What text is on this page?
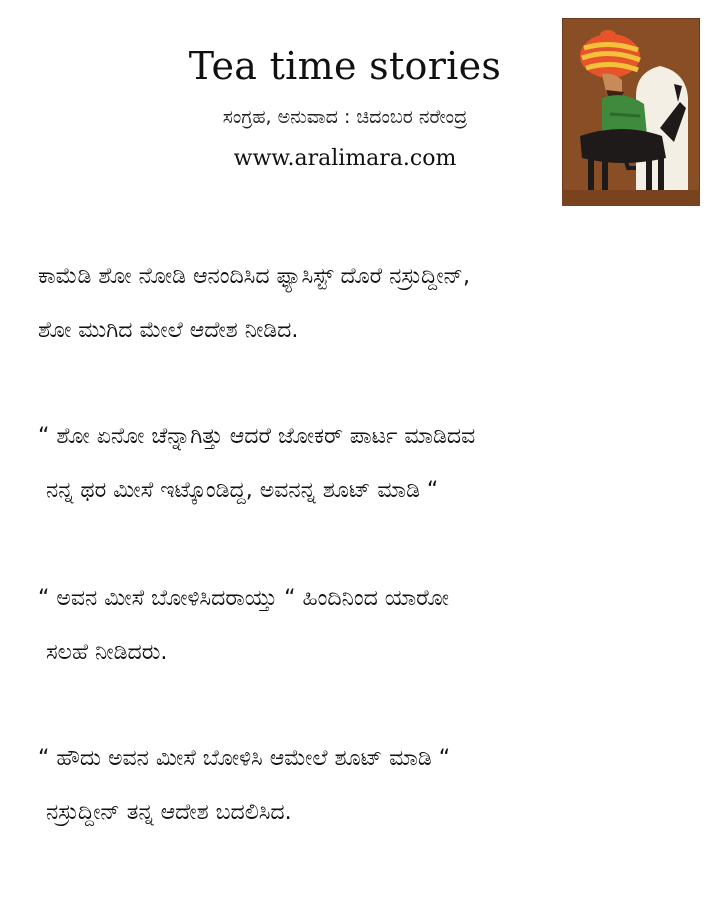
Tea time stories
ಸಂಗ್ರಹ, ಅನುವಾದ : ಚಿದಂಬರ ನರೇಂದ್ರ
www.aralimara.com
ಕಾಮೆಡಿ ಶೋ ನೋಡಿ ಆನಂದಿಸಿದ ಫ್ಯಾಸಿಸ್ಟ್ ದೊರೆ ನಸ್ರುದ್ದೀನ್,
ಶೋ ಮುಗಿದ ಮೇಲೆ ಆದೇಶ ನೀಡಿದ.
“ ಶೋ ಏನೋ ಚೆನ್ನಾಗಿತ್ತು ಆದರೆ ಜೋಕರ್ ಪಾರ್ಟ ಮಾಡಿದವ
ನನ್ನ ಥರ ಮೀಸೆ ಇಟ್ಕೊಂಡಿದ್ದ, ಅವನನ್ನ ಶೂಟ್ ಮಾಡಿ “
“ ಅವನ ಮೀಸೆ ಬೋಳಿಸಿದರಾಯ್ತು “ ಹಿಂದಿನಿಂದ ಯಾರೋ
ಸಲಹೆ ನೀಡಿದರು.
“ ಹೌದು ಅವನ ಮೀಸೆ ಬೋಳಿಸಿ ಆಮೇಲೆ ಶೂಟ್ ಮಾಡಿ “
ನಸ್ರುದ್ದೀನ್ ತನ್ನ ಆದೇಶ ಬದಲಿಸಿದ.
